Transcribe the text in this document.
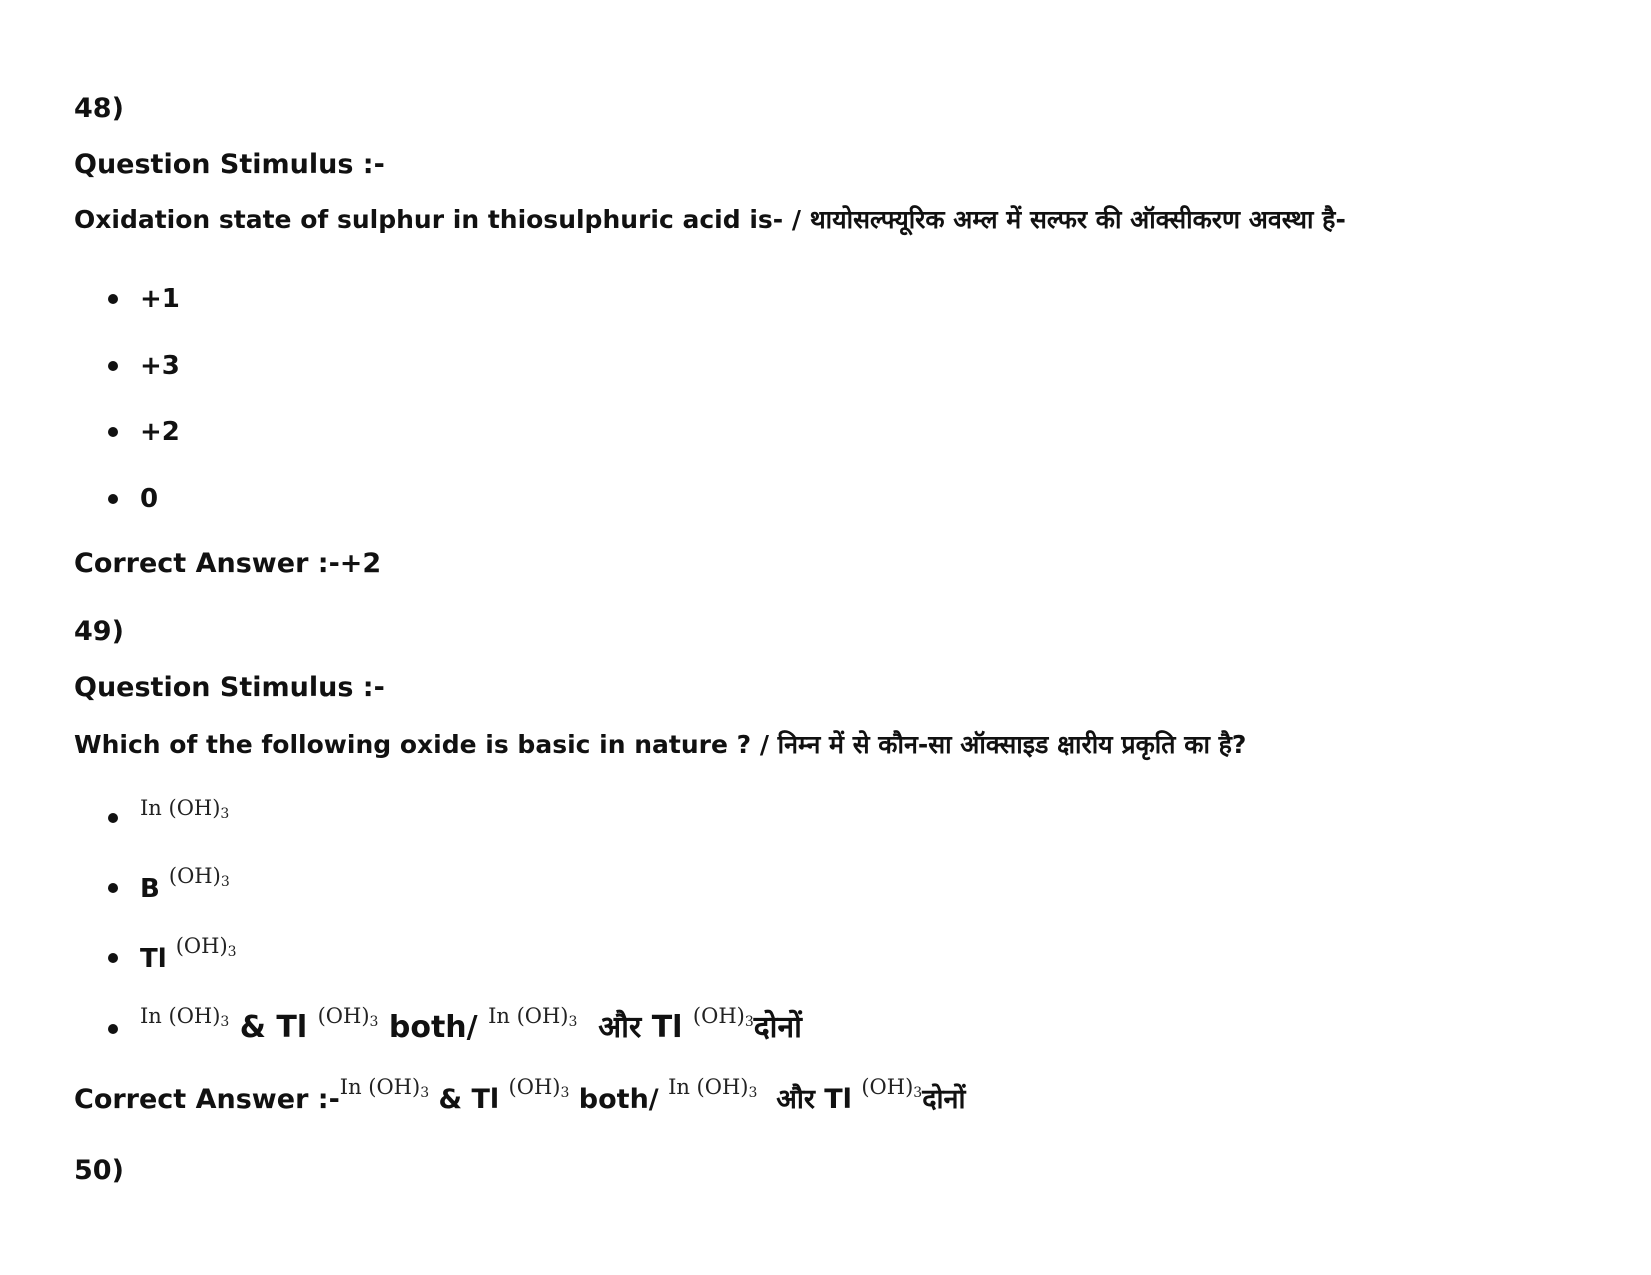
48)
Question Stimulus :-
Oxidation state of sulphur in thiosulphuric acid is- / थायोसल्फ्यूरिक अम्ल में सल्फर की ऑक्सीकरण अवस्था है-
+1
+3
+2
0
Correct Answer :-+2
49)
Question Stimulus :-
Which of the following oxide is basic in nature ? / निम्न में से कौन-सा ऑक्साइड क्षारीय प्रकृति का है?
$^{In (OH)_3}$
B $^{(OH)_3}$
Tl $^{(OH)_3}$
$^{In (OH)_3}$ & Tl $^{(OH)_3}$ both/ $^{In (OH)_3}$  और Tl $^{(OH)_3}$दोनों
Correct Answer :-$^{In (OH)_3}$ & Tl $^{(OH)_3}$ both/ $^{In (OH)_3}$  और Tl $^{(OH)_3}$दोनों
50)
